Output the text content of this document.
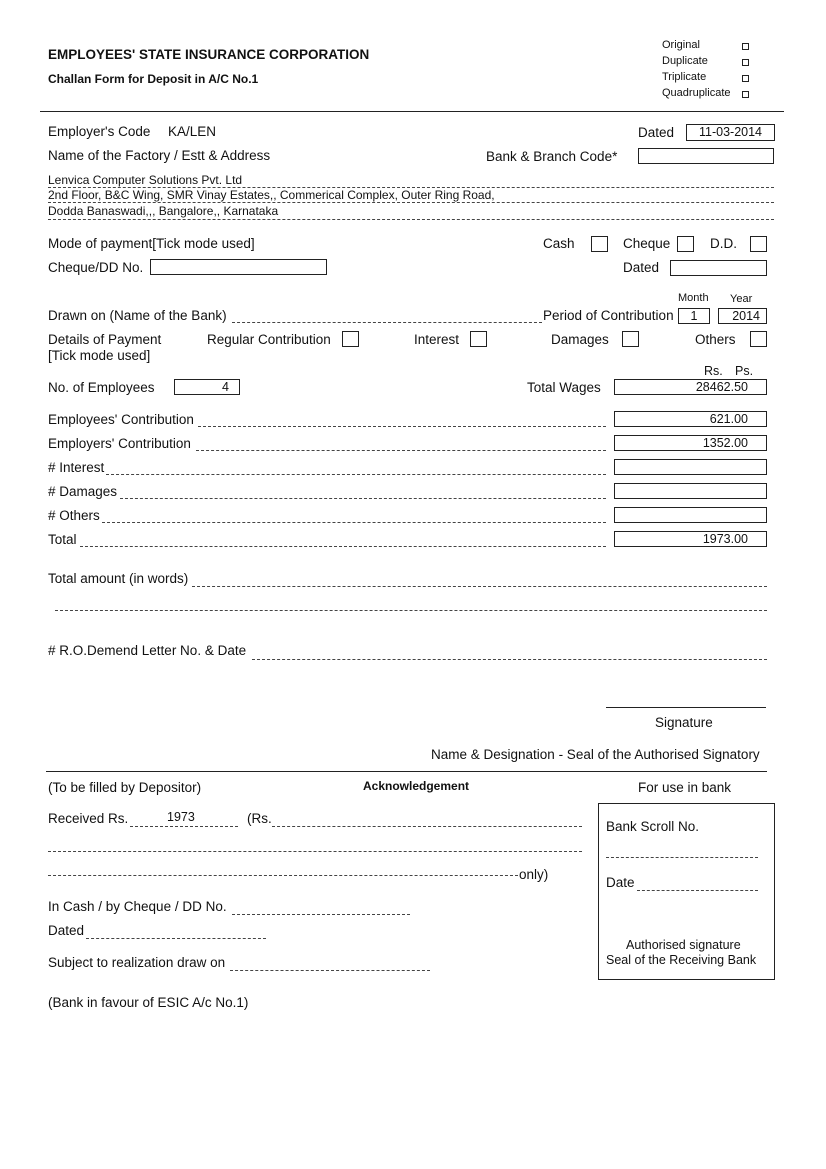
EMPLOYEES' STATE INSURANCE CORPORATION
Challan Form for Deposit in A/C No.1
Original
Duplicate
Triplicate
Quadruplicate
Employer's Code KA/LEN	Dated	11-03-2014
Name of the Factory / Estt & Address	Bank & Branch Code*
Lenvica Computer Solutions Pvt. Ltd
2nd Floor, B&C Wing, SMR Vinay Estates,, Commerical Complex, Outer Ring Road,
Dodda Banaswadi,,, Bangalore,, Karnataka
Mode of payment[Tick mode used]	Cash	Cheque	D.D.
Cheque/DD No.	Dated
Month Year
Drawn on (Name of the Bank)	Period of Contribution	1	2014
Details of Payment
[Tick mode used]
Regular Contribution	Interest	Damages	Others
Rs. Ps.
No. of Employees	4	Total Wages	28462.50
Employees' Contribution	621.00
Employers' Contribution	1352.00
# Interest
# Damages
# Others
Total	1973.00
Total amount (in words)
# R.O.Demend Letter No. & Date
Signature
Name & Designation - Seal of the Authorised Signatory
(To be filled by Depositor)	Acknowledgement	For use in bank
Received Rs.	1973	(Rs.
only)
In Cash / by Cheque / DD No.
Dated
Subject to realization draw on
(Bank in favour of ESIC A/c No.1)
Bank Scroll No.
Date
Authorised signature
Seal of the Receiving Bank
